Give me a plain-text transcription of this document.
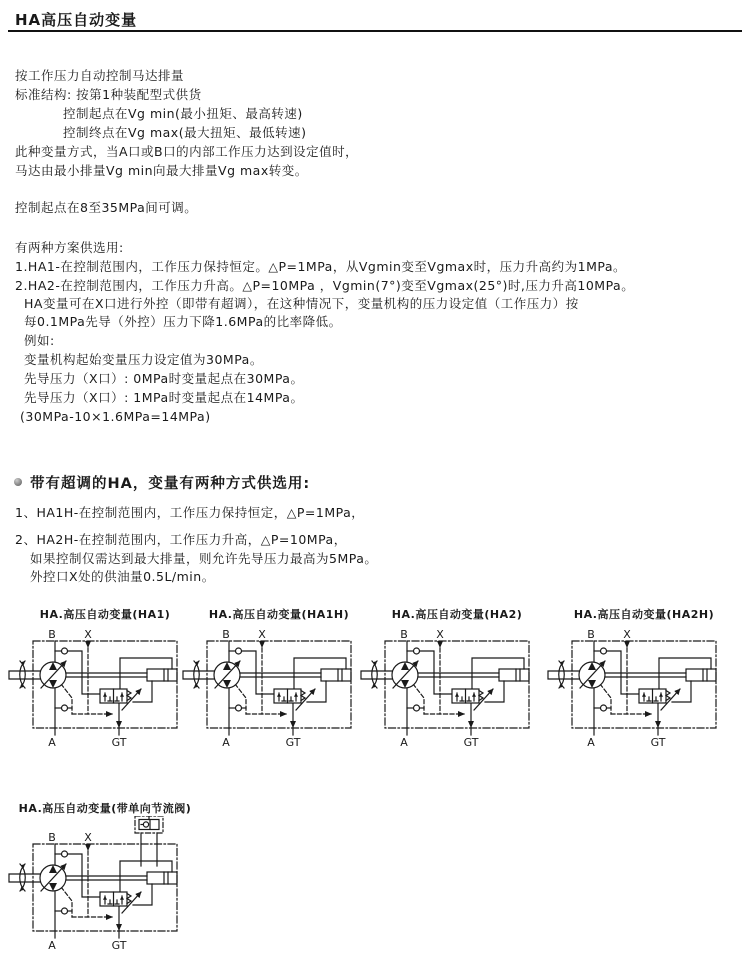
HA高压自动变量
按工作压力自动控制马达排量
标准结构: 按第1种装配型式供货
控制起点在Vg min(最小扭矩、最高转速)
控制终点在Vg max(最大扭矩、最低转速)
此种变量方式，当A口或B口的内部工作压力达到设定值时，
马达由最小排量Vg min向最大排量Vg max转变。
控制起点在8至35MPa间可调。
有两种方案供选用:
1.HA1-在控制范围内，工作压力保持恒定。△P=1MPa，从Vgmin变至Vgmax时，压力升高约为1MPa。
2.HA2-在控制范围内，工作压力升高。△P=10MPa ，Vgmin(7°)变至Vgmax(25°)时,压力升高10MPa。
HA变量可在X口进行外控（即带有超调），在这种情况下，变量机构的压力设定值（工作压力）按
每0.1MPa先导（外控）压力下降1.6MPa的比率降低。
例如:
变量机构起始变量压力设定值为30MPa。
先导压力（X口）: 0MPa时变量起点在30MPa。
先导压力（X口）: 1MPa时变量起点在14MPa。
(30MPa-10×1.6MPa=14MPa)
带有超调的HA，变量有两种方式供选用:
1、HA1H-在控制范围内，工作压力保持恒定，△P=1MPa，
2、HA2H-在控制范围内，工作压力升高，△P=10MPa，
如果控制仅需达到最大排量，则允许先导压力最高为5MPa。
外控口X处的供油量0.5L/min。
HA.高压自动变量(HA1)	HA.高压自动变量(HA1H)	HA.高压自动变量(HA2)	HA.高压自动变量(HA2H)
HA.高压自动变量(带单向节流阀)
